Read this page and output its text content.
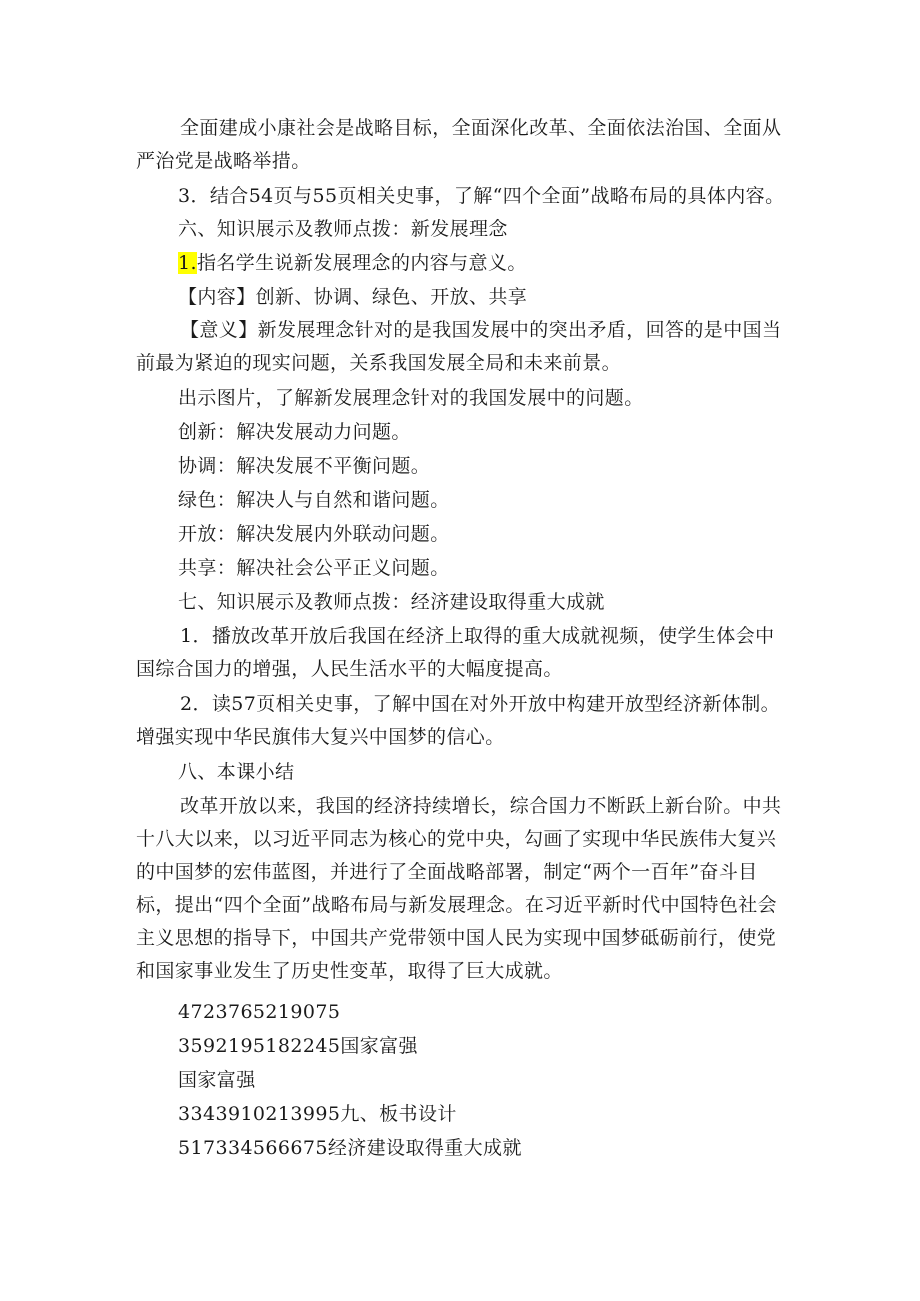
全面建成小康社会是战略目标，全面深化改革、全面依法治国、全面从严治党是战略举措。
3．结合54页与55页相关史事，了解“四个全面”战略布局的具体内容。
六、知识展示及教师点拨：新发展理念
1.指名学生说新发展理念的内容与意义。
【内容】创新、协调、绿色、开放、共享
【意义】新发展理念针对的是我国发展中的突出矛盾，回答的是中国当前最为紧迫的现实问题，关系我国发展全局和未来前景。
出示图片，了解新发展理念针对的我国发展中的问题。
创新：解决发展动力问题。
协调：解决发展不平衡问题。
绿色：解决人与自然和谐问题。
开放：解决发展内外联动问题。
共享：解决社会公平正义问题。
七、知识展示及教师点拨：经济建设取得重大成就
1．播放改革开放后我国在经济上取得的重大成就视频，使学生体会中国综合国力的增强，人民生活水平的大幅度提高。
2．读57页相关史事，了解中国在对外开放中构建开放型经济新体制。增强实现中华民旗伟大复兴中国梦的信心。
八、本课小结
改革开放以来，我国的经济持续增长，综合国力不断跃上新台阶。中共十八大以来，以习近平同志为核心的党中央，勾画了实现中华民族伟大复兴的中国梦的宏伟蓝图，并进行了全面战略部署，制定“两个一百年”奋斗目标，提出“四个全面”战略布局与新发展理念。在习近平新时代中国特色社会主义思想的指导下，中国共产党带领中国人民为实现中国梦砥砺前行，使党和国家事业发生了历史性变革，取得了巨大成就。
4723765219075
3592195182245国家富强
国家富强
3343910213995九、板书设计
517334566675经济建设取得重大成就
